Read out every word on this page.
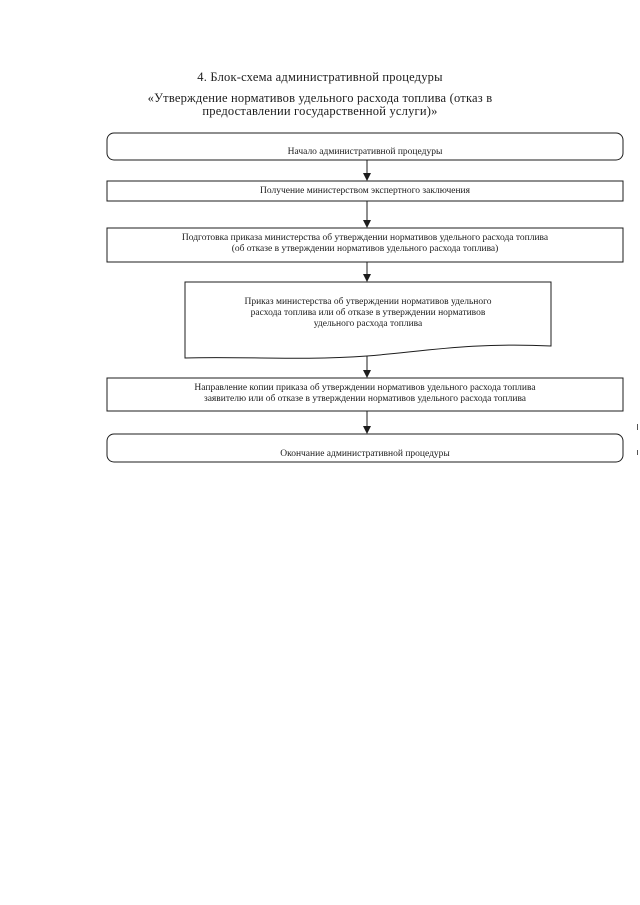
4. Блок-схема административной процедуры
«Утверждение нормативов удельного расхода топлива (отказ в
предоставлении государственной услуги)»
Начало административной процедуры
Получение министерством экспертного заключения
Подготовка приказа министерства об утверждении нормативов удельного расхода топлива
(об отказе в утверждении нормативов удельного расхода топлива)
Приказ министерства об утверждении нормативов удельного
расхода топлива или об отказе в утверждении нормативов
удельного расхода топлива
Направление копии приказа об утверждении нормативов удельного расхода топлива
заявителю или об отказе в утверждении нормативов удельного расхода топлива
Окончание административной процедуры
